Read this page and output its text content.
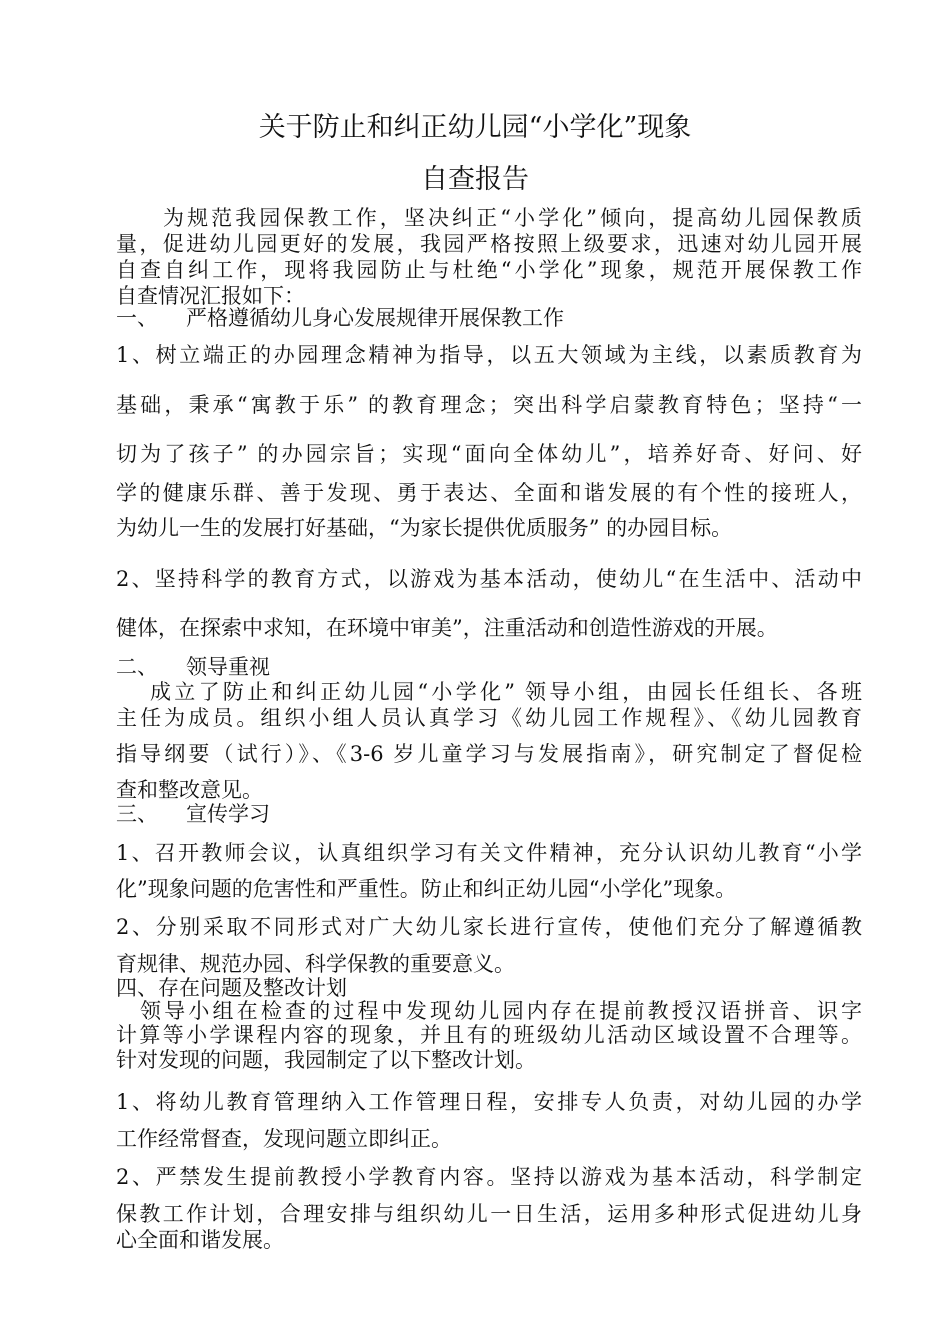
关于防止和纠正幼儿园“小学化”现象
自查报告
为规范我园保教工作，坚决纠正“小学化”倾向，提高幼儿园保教质
量，促进幼儿园更好的发展，我园严格按照上级要求，迅速对幼儿园开展
自查自纠工作，现将我园防止与杜绝“小学化”现象，规范开展保教工作
自查情况汇报如下：
一、 严格遵循幼儿身心发展规律开展保教工作
1、树立端正的办园理念精神为指导，以五大领域为主线，以素质教育为
基础，秉承“寓教于乐” 的教育理念；突出科学启蒙教育特色；坚持“一
切为了孩子” 的办园宗旨；实现“面向全体幼儿”，培养好奇、好问、好
学的健康乐群、善于发现、勇于表达、全面和谐发展的有个性的接班人，
为幼儿一生的发展打好基础，“为家长提供优质服务” 的办园目标。
2、坚持科学的教育方式，以游戏为基本活动，使幼儿“在生活中、活动中
健体，在探索中求知，在环境中审美”，注重活动和创造性游戏的开展。
二、 领导重视
成立了防止和纠正幼儿园“小学化” 领导小组，由园长任组长、各班
主任为成员。组织小组人员认真学习《幼儿园工作规程》、《幼儿园教育
指导纲要（试行）》、《3-6 岁儿童学习与发展指南》，研究制定了督促检
查和整改意见。
三、 宣传学习
1、召开教师会议，认真组织学习有关文件精神，充分认识幼儿教育“小学
化”现象问题的危害性和严重性。防止和纠正幼儿园“小学化”现象。
2、分别采取不同形式对广大幼儿家长进行宣传，使他们充分了解遵循教
育规律、规范办园、科学保教的重要意义。
四、存在问题及整改计划
领导小组在检查的过程中发现幼儿园内存在提前教授汉语拼音、识字
计算等小学课程内容的现象，并且有的班级幼儿活动区域设置不合理等。
针对发现的问题，我园制定了以下整改计划。
1、将幼儿教育管理纳入工作管理日程，安排专人负责，对幼儿园的办学
工作经常督查，发现问题立即纠正。
2、严禁发生提前教授小学教育内容。坚持以游戏为基本活动，科学制定
保教工作计划，合理安排与组织幼儿一日生活，运用多种形式促进幼儿身
心全面和谐发展。
